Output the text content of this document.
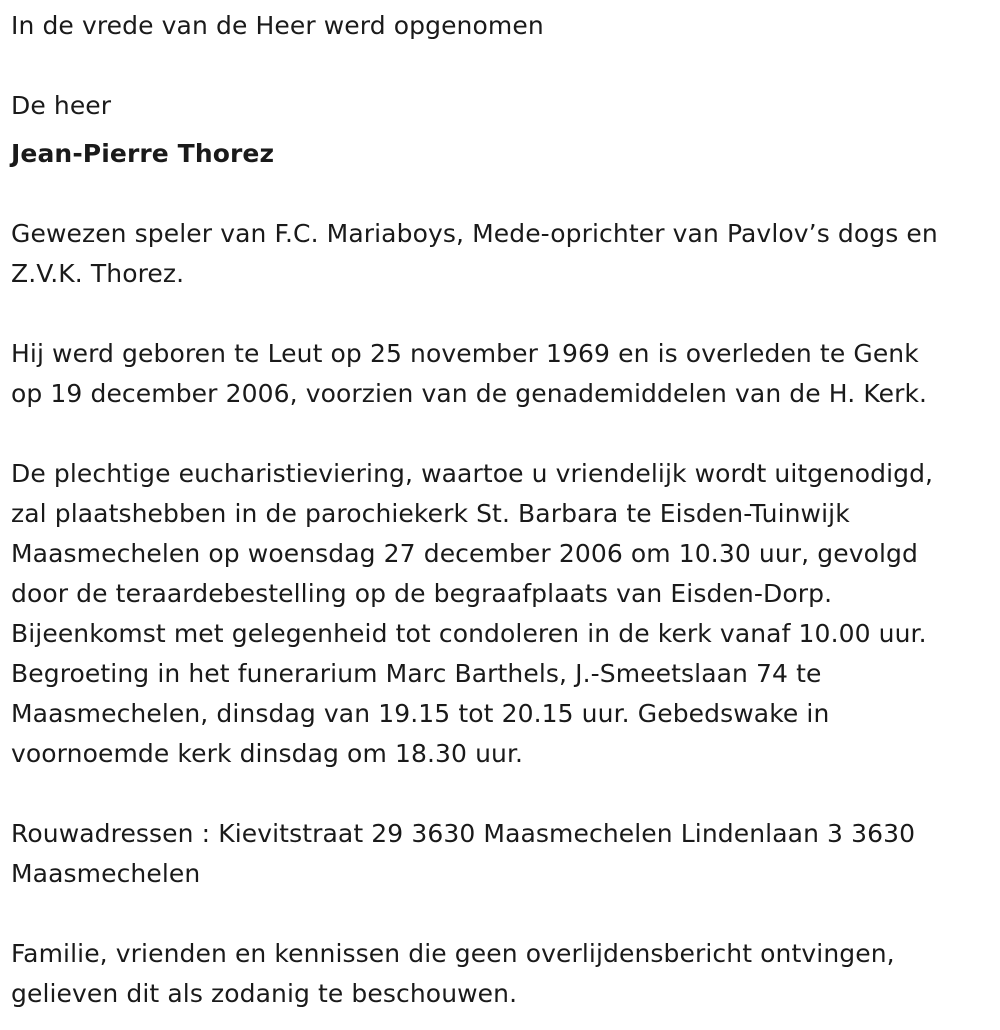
In de vrede van de Heer werd opgenomen
De heer
Jean-Pierre Thorez
Gewezen speler van F.C. Mariaboys, Mede-oprichter van Pavlov’s dogs en
Z.V.K. Thorez.
Hij werd geboren te Leut op 25 november 1969 en is overleden te Genk
op 19 december 2006, voorzien van de genademiddelen van de H. Kerk.
De plechtige eucharistieviering, waartoe u vriendelijk wordt uitgenodigd,
zal plaatshebben in de parochiekerk St. Barbara te Eisden-Tuinwijk
Maasmechelen op woensdag 27 december 2006 om 10.30 uur, gevolgd
door de teraardebestelling op de begraafplaats van Eisden-Dorp.
Bijeenkomst met gelegenheid tot condoleren in de kerk vanaf 10.00 uur.
Begroeting in het funerarium Marc Barthels, J.-Smeetslaan 74 te
Maasmechelen, dinsdag van 19.15 tot 20.15 uur. Gebedswake in
voornoemde kerk dinsdag om 18.30 uur.
Rouwadressen : Kievitstraat 29 3630 Maasmechelen Lindenlaan 3 3630
Maasmechelen
Familie, vrienden en kennissen die geen overlijdensbericht ontvingen,
gelieven dit als zodanig te beschouwen.
